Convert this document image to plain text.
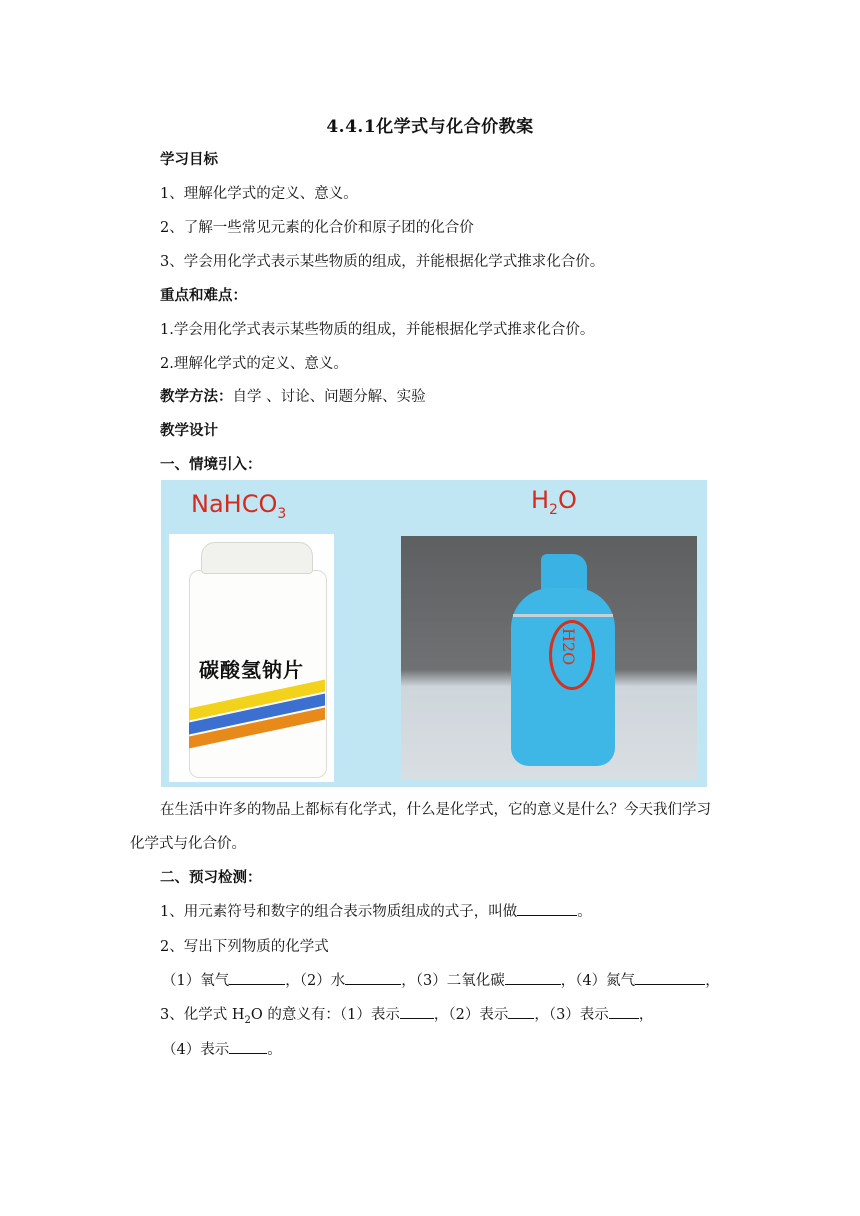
4.4.1化学式与化合价教案
学习目标
1、理解化学式的定义、意义。
2、了解一些常见元素的化合价和原子团的化合价
3、学会用化学式表示某些物质的组成，并能根据化学式推求化合价。
重点和难点：
1.学会用化学式表示某些物质的组成，并能根据化学式推求化合价。
2.理解化学式的定义、意义。
教学方法：自学 、讨论、问题分解、实验
教学设计
一、情境引入：
NaHCO$_3$	$H_2O$
碳酸氢钠片
H2O
在生活中许多的物品上都标有化学式，什么是化学式，它的意义是什么？今天我们学习
化学式与化合价。
二、预习检测：
1、用元素符号和数字的组合表示物质组成的式子，叫做	。
2、写出下列物质的化学式
（1）氧气	，（2）水	，（3）二氧化碳	，（4）氮气	，
3、化学式 $H_2O$ 的意义有：（1）表示 ，（2）表示 ，（3）表示 ，
（4）表示	。
